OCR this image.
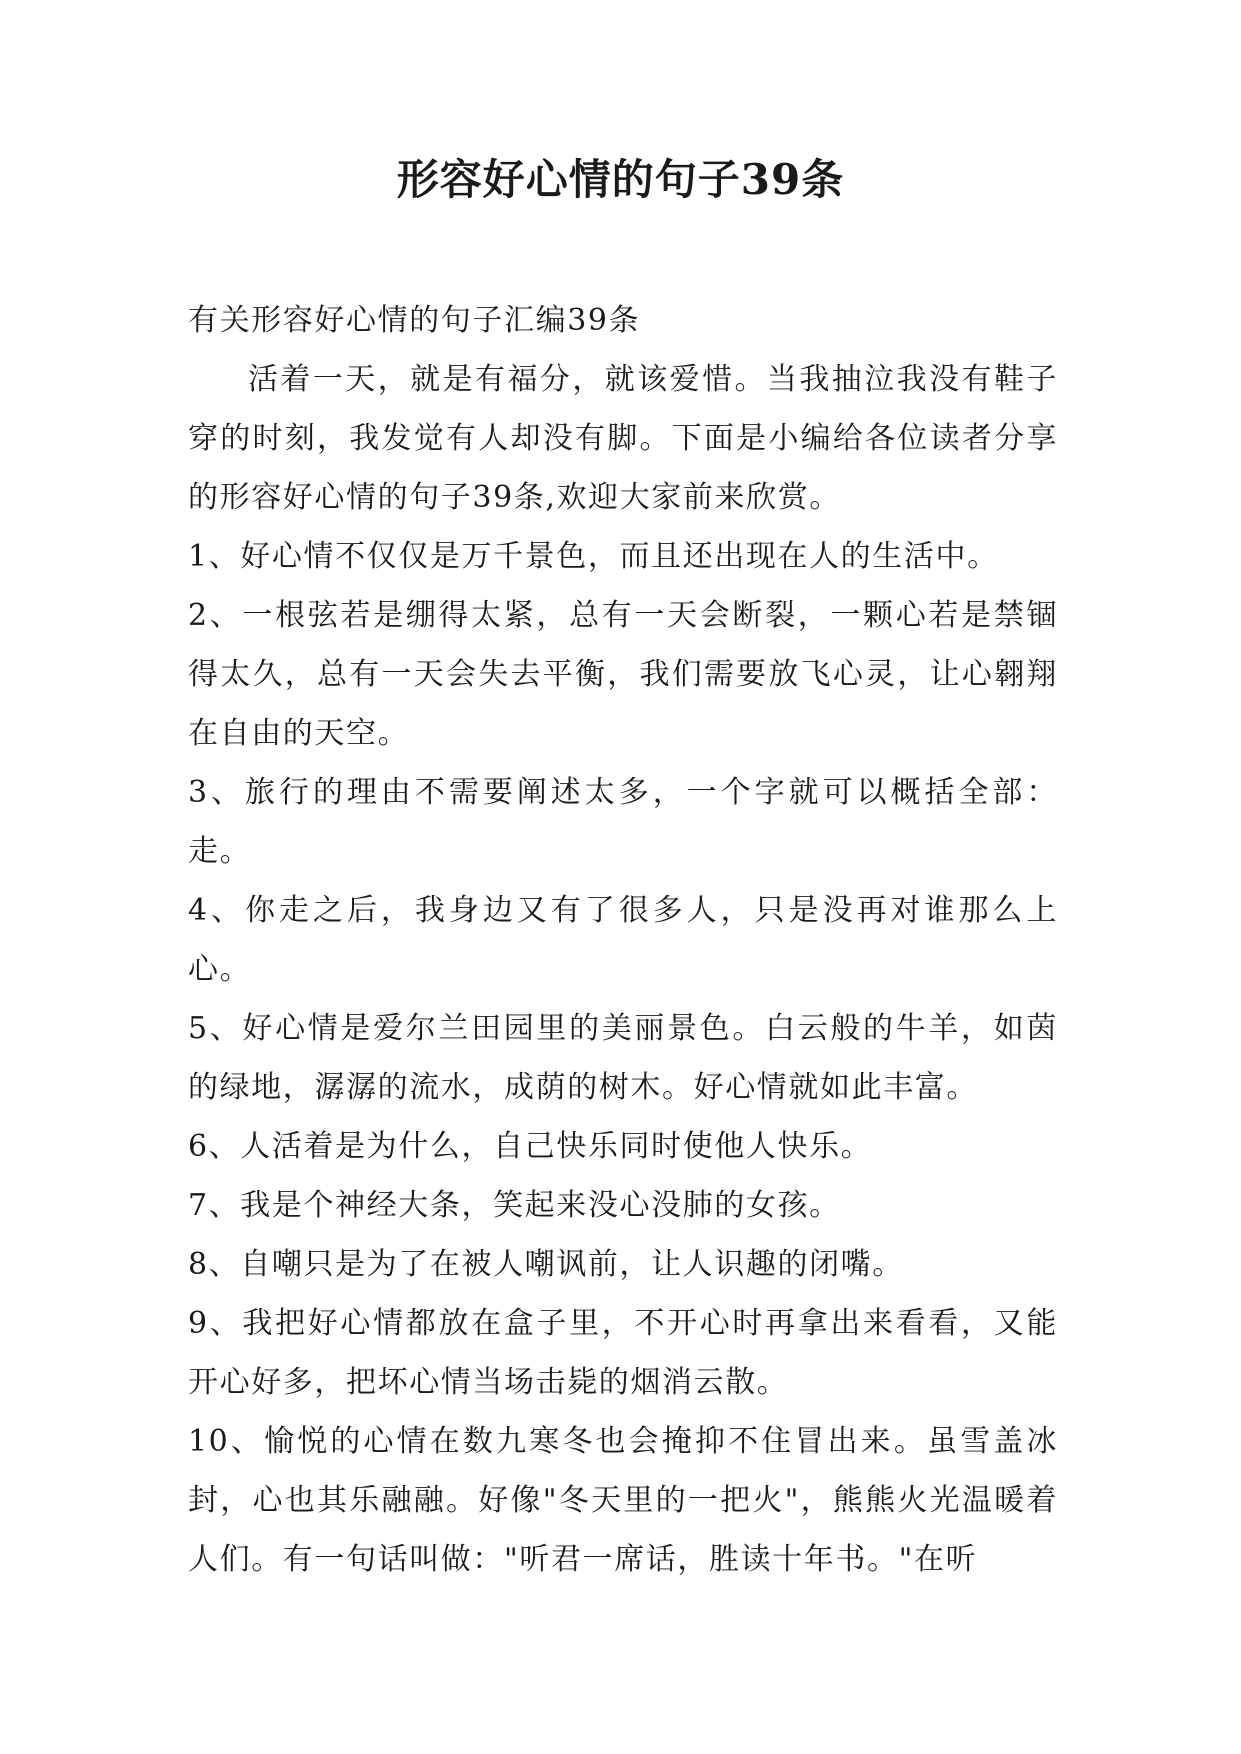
形容好心情的句子39条

有关形容好心情的句子汇编39条

活着一天，就是有福分，就该爱惜。当我抽泣我没有鞋子穿的时刻，我发觉有人却没有脚。下面是小编给各位读者分享的形容好心情的句子39条,欢迎大家前来欣赏。

1、好心情不仅仅是万千景色，而且还出现在人的生活中。

2、一根弦若是绷得太紧，总有一天会断裂，一颗心若是禁锢得太久，总有一天会失去平衡，我们需要放飞心灵，让心翱翔在自由的天空。

3、旅行的理由不需要阐述太多，一个字就可以概括全部：走。

4、你走之后，我身边又有了很多人，只是没再对谁那么上心。

5、好心情是爱尔兰田园里的美丽景色。白云般的牛羊，如茵的绿地，潺潺的流水，成荫的树木。好心情就如此丰富。

6、人活着是为什么，自己快乐同时使他人快乐。

7、我是个神经大条，笑起来没心没肺的女孩。

8、自嘲只是为了在被人嘲讽前，让人识趣的闭嘴。

9、我把好心情都放在盒子里，不开心时再拿出来看看，又能开心好多，把坏心情当场击毙的烟消云散。

10、愉悦的心情在数九寒冬也会掩抑不住冒出来。虽雪盖冰封，心也其乐融融。好像"冬天里的一把火"，熊熊火光温暖着人们。有一句话叫做："听君一席话，胜读十年书。"在听
